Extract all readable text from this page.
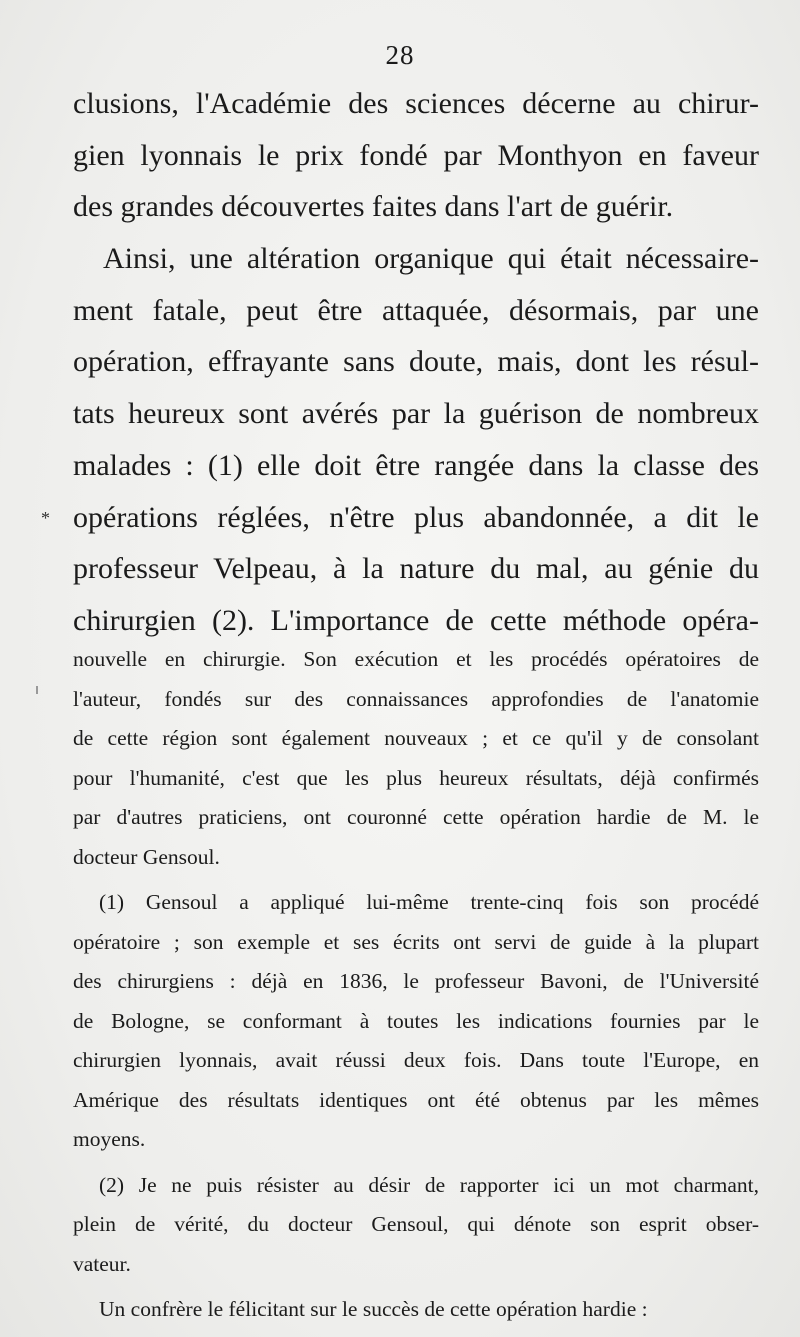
28
*
clusions, l'Académie des sciences décerne au chirur-
gien lyonnais le prix fondé par Monthyon en faveur
des grandes découvertes faites dans l'art de guérir.
Ainsi, une altération organique qui était nécessaire-
ment fatale, peut être attaquée, désormais, par une
opération, effrayante sans doute, mais, dont les résul-
tats heureux sont avérés par la guérison de nombreux
malades : (1) elle doit être rangée dans la classe des
opérations réglées, n'être plus abandonnée, a dit le
professeur Velpeau, à la nature du mal, au génie du
chirurgien (2). L'importance de cette méthode opéra-
nouvelle en chirurgie. Son exécution et les procédés opératoires de
l'auteur, fondés sur des connaissances approfondies de l'anatomie
de cette région sont également nouveaux ; et ce qu'il y de consolant
pour l'humanité, c'est que les plus heureux résultats, déjà confirmés
par d'autres praticiens, ont couronné cette opération hardie de M. le
docteur Gensoul.
(1) Gensoul a appliqué lui-même trente-cinq fois son procédé
opératoire ; son exemple et ses écrits ont servi de guide à la plupart
des chirurgiens : déjà en 1836, le professeur Bavoni, de l'Université
de Bologne, se conformant à toutes les indications fournies par le
chirurgien lyonnais, avait réussi deux fois. Dans toute l'Europe, en
Amérique des résultats identiques ont été obtenus par les mêmes
moyens.
(2) Je ne puis résister au désir de rapporter ici un mot charmant,
plein de vérité, du docteur Gensoul, qui dénote son esprit obser-
vateur.
Un confrère le félicitant sur le succès de cette opération hardie :
